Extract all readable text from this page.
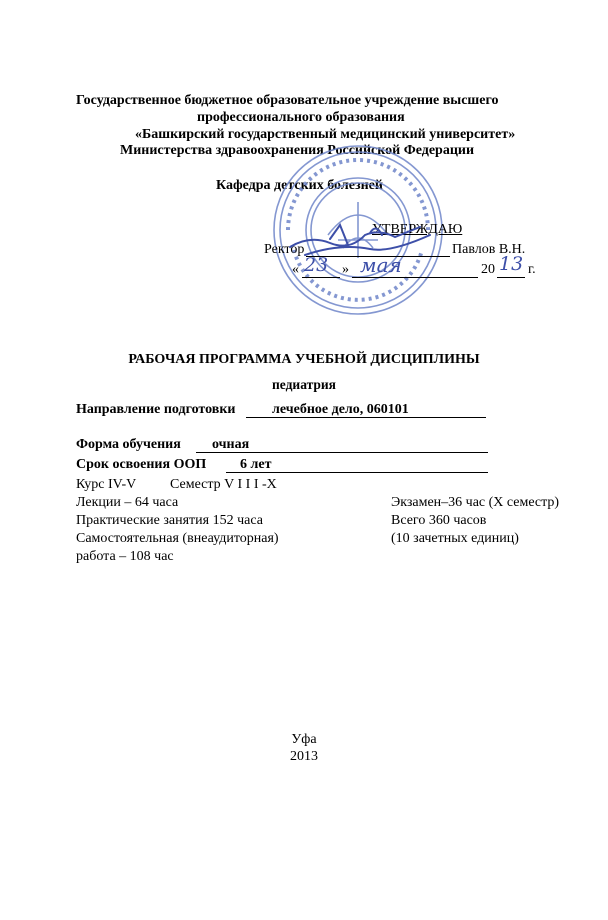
Государственное бюджетное образовательное учреждение высшего
профессионального образования
«Башкирский государственный медицинский университет»
Министерства здравоохранения Российской Федерации
Кафедра детских болезней
УТВЕРЖДАЮ
Ректор	Павлов В.Н.
« 23 » мая	20 13 г.
РАБОЧАЯ ПРОГРАММА УЧЕБНОЙ ДИСЦИПЛИНЫ
педиатрия
Направление подготовки	лечебное дело, 060101
Форма обучения очная
Срок освоения ООП 6 лет
Курс IV-V Семестр V I I I -X
Лекции – 64 часа
Практические занятия 152 часа
Самостоятельная (внеаудиторная)
работа – 108 час
Экзамен–36 час (X семестр)
Всего 360 часов
(10 зачетных единиц)
Уфа
2013
